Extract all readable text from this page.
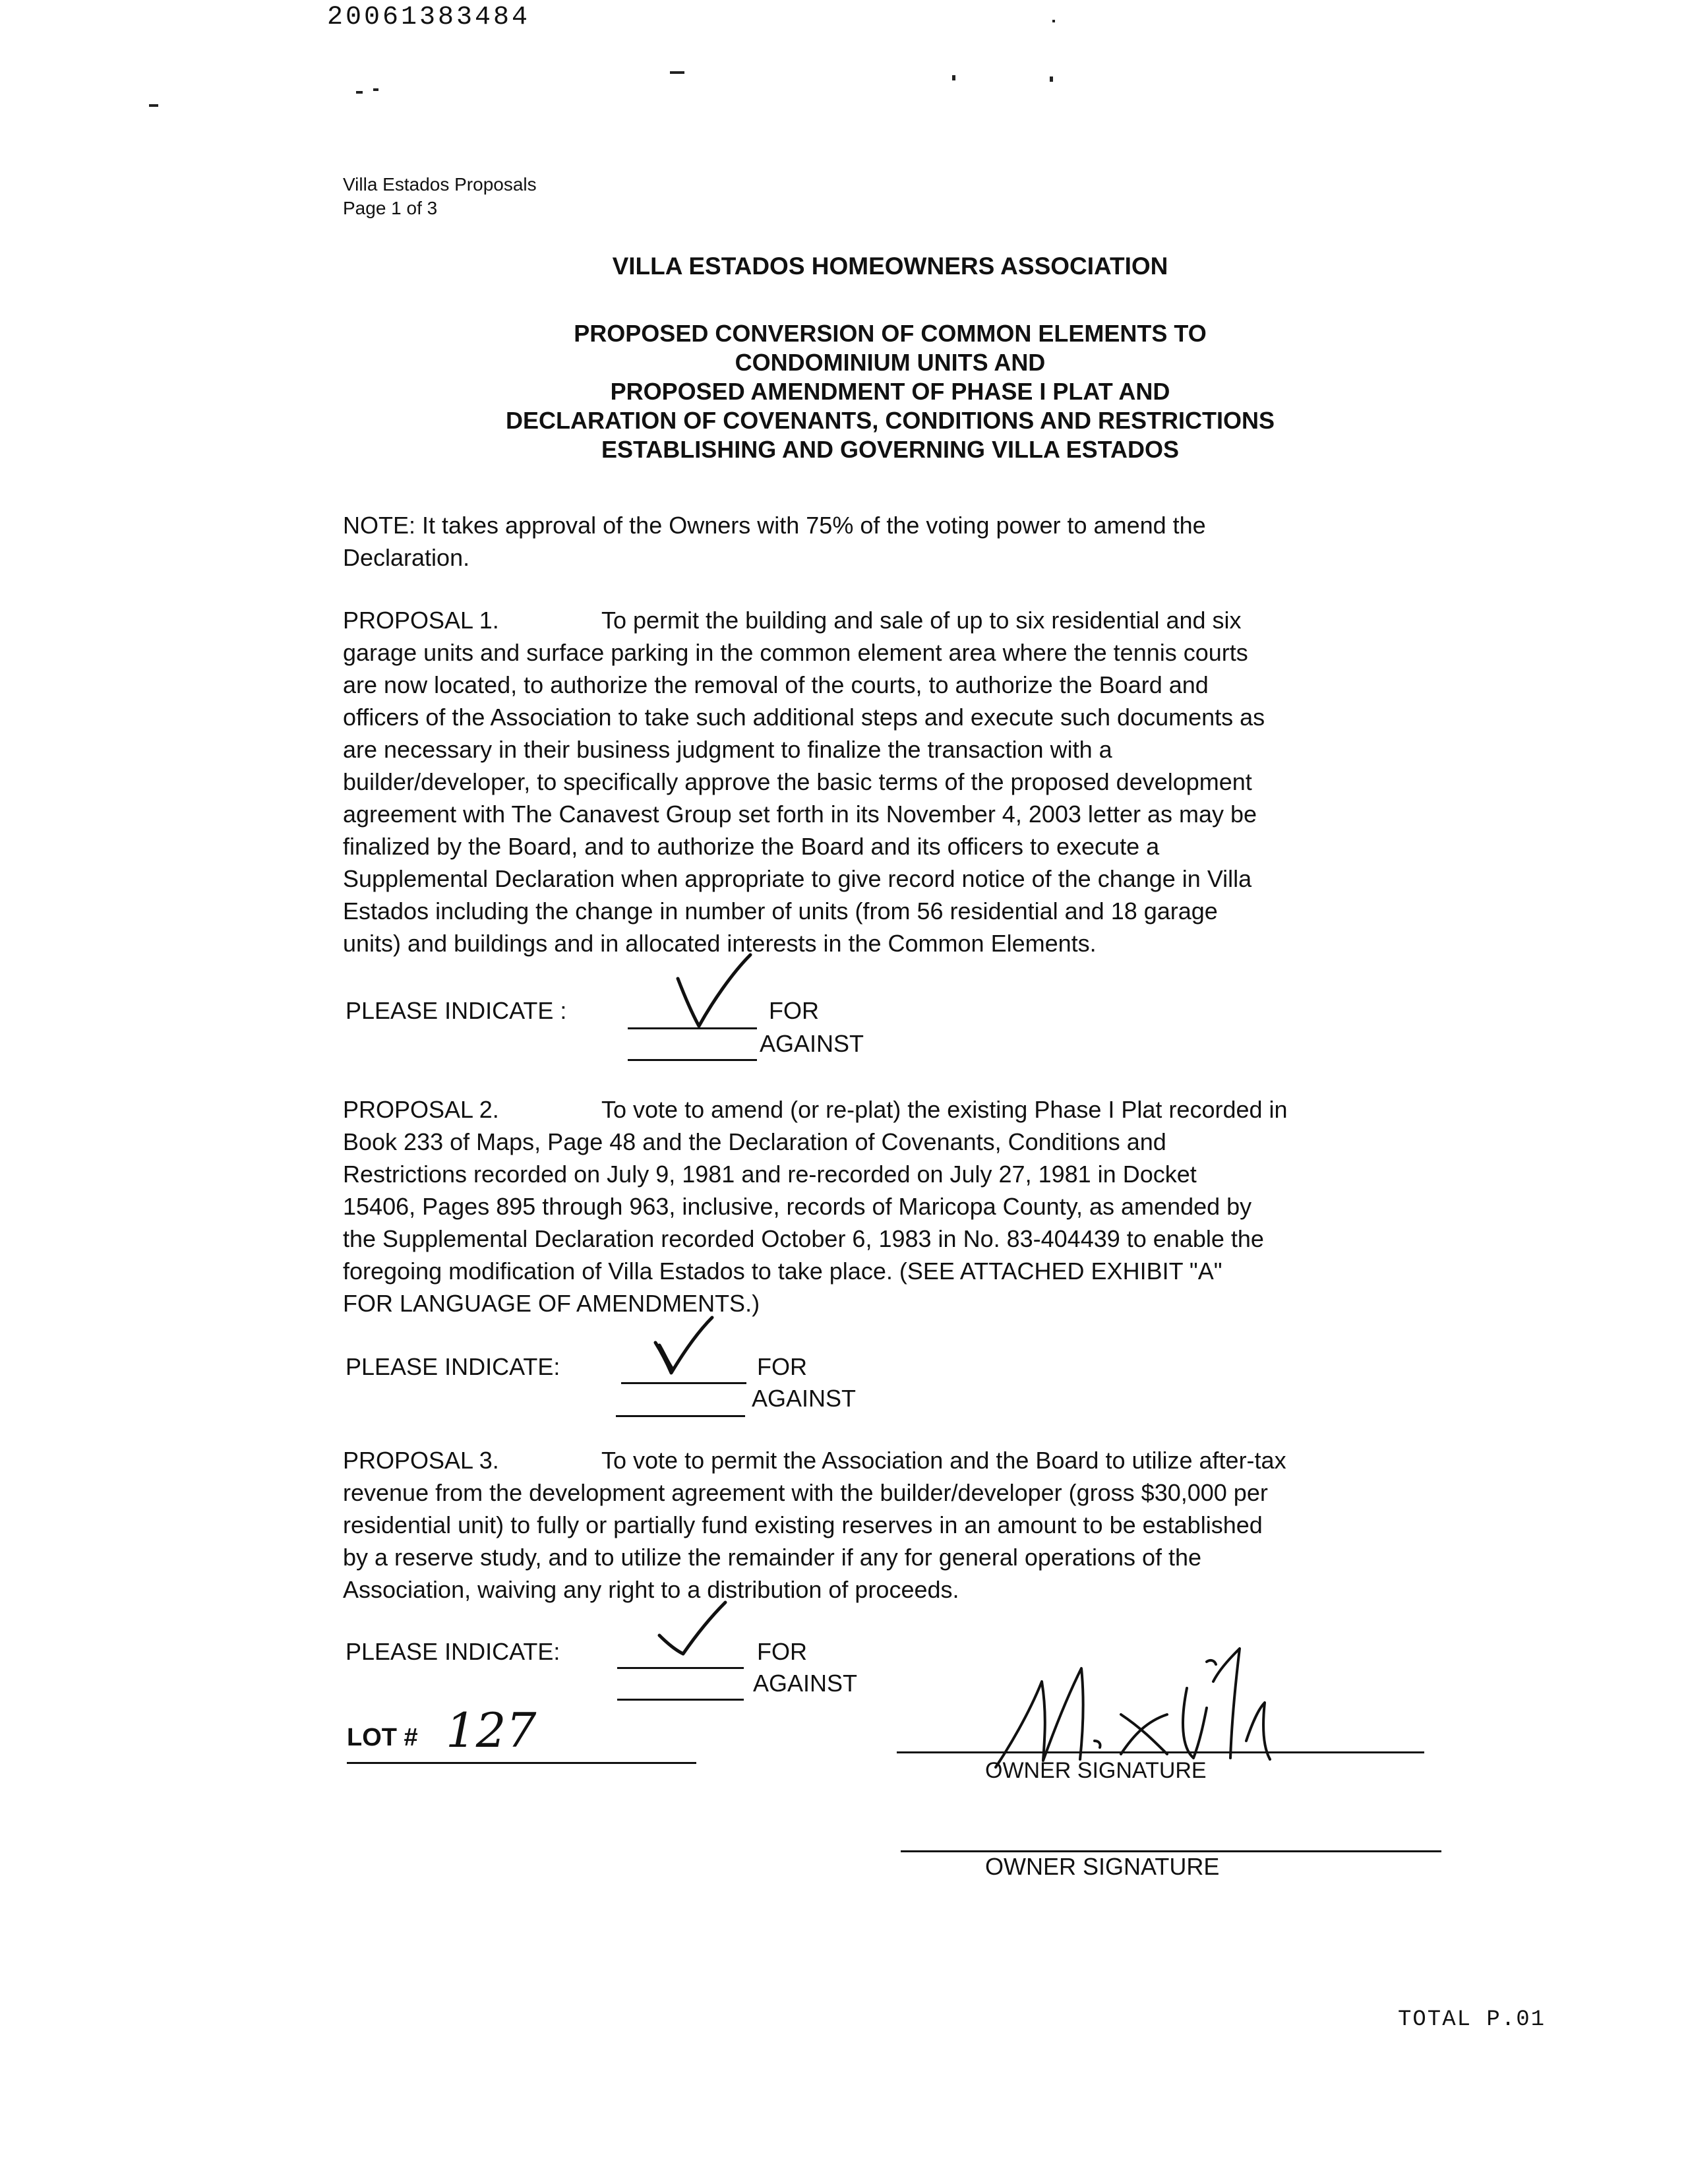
20061383484
Villa Estados Proposals
Page 1 of 3
VILLA ESTADOS HOMEOWNERS ASSOCIATION
PROPOSED CONVERSION OF COMMON ELEMENTS TO
CONDOMINIUM UNITS AND
PROPOSED AMENDMENT OF PHASE I PLAT AND
DECLARATION OF COVENANTS, CONDITIONS AND RESTRICTIONS
ESTABLISHING AND GOVERNING VILLA ESTADOS

NOTE: It takes approval of the Owners with 75% of the voting power to amend the

Declaration.

PROPOSAL 1.	To permit the building and sale of up to six residential and six

garage units and surface parking in the common element area where the tennis courts

are now located, to authorize the removal of the courts, to authorize the Board and

officers of the Association to take such additional steps and execute such documents as

are necessary in their business judgment to finalize the transaction with a

builder/developer, to specifically approve the basic terms of the proposed development

agreement with The Canavest Group set forth in its November 4, 2003 letter as may be

finalized by the Board, and to authorize the Board and its officers to execute a

Supplemental Declaration when appropriate to give record notice of the change in Villa

Estados including the change in number of units (from 56 residential and 18 garage

units) and buildings and in allocated interests in the Common Elements.

PLEASE INDICATE :	FOR
AGAINST

PROPOSAL 2.	To vote to amend (or re-plat) the existing Phase I Plat recorded in

Book 233 of Maps, Page 48 and the Declaration of Covenants, Conditions and

Restrictions recorded on July 9, 1981 and re-recorded on July 27, 1981 in Docket

15406, Pages 895 through 963, inclusive, records of Maricopa County, as amended by

the Supplemental Declaration recorded October 6, 1983 in No. 83-404439 to enable the

foregoing modification of Villa Estados to take place. (SEE ATTACHED EXHIBIT "A"

FOR LANGUAGE OF AMENDMENTS.)

PLEASE INDICATE:	FOR
AGAINST

PROPOSAL 3.	To vote to permit the Association and the Board to utilize after-tax

revenue from the development agreement with the builder/developer (gross $30,000 per

residential unit) to fully or partially fund existing reserves in an amount to be established

by a reserve study, and to utilize the remainder if any for general operations of the

Association, waiving any right to a distribution of proceeds.

PLEASE INDICATE:	FOR
AGAINST
LOT # 127
OWNER SIGNATURE
OWNER SIGNATURE
TOTAL P.01
